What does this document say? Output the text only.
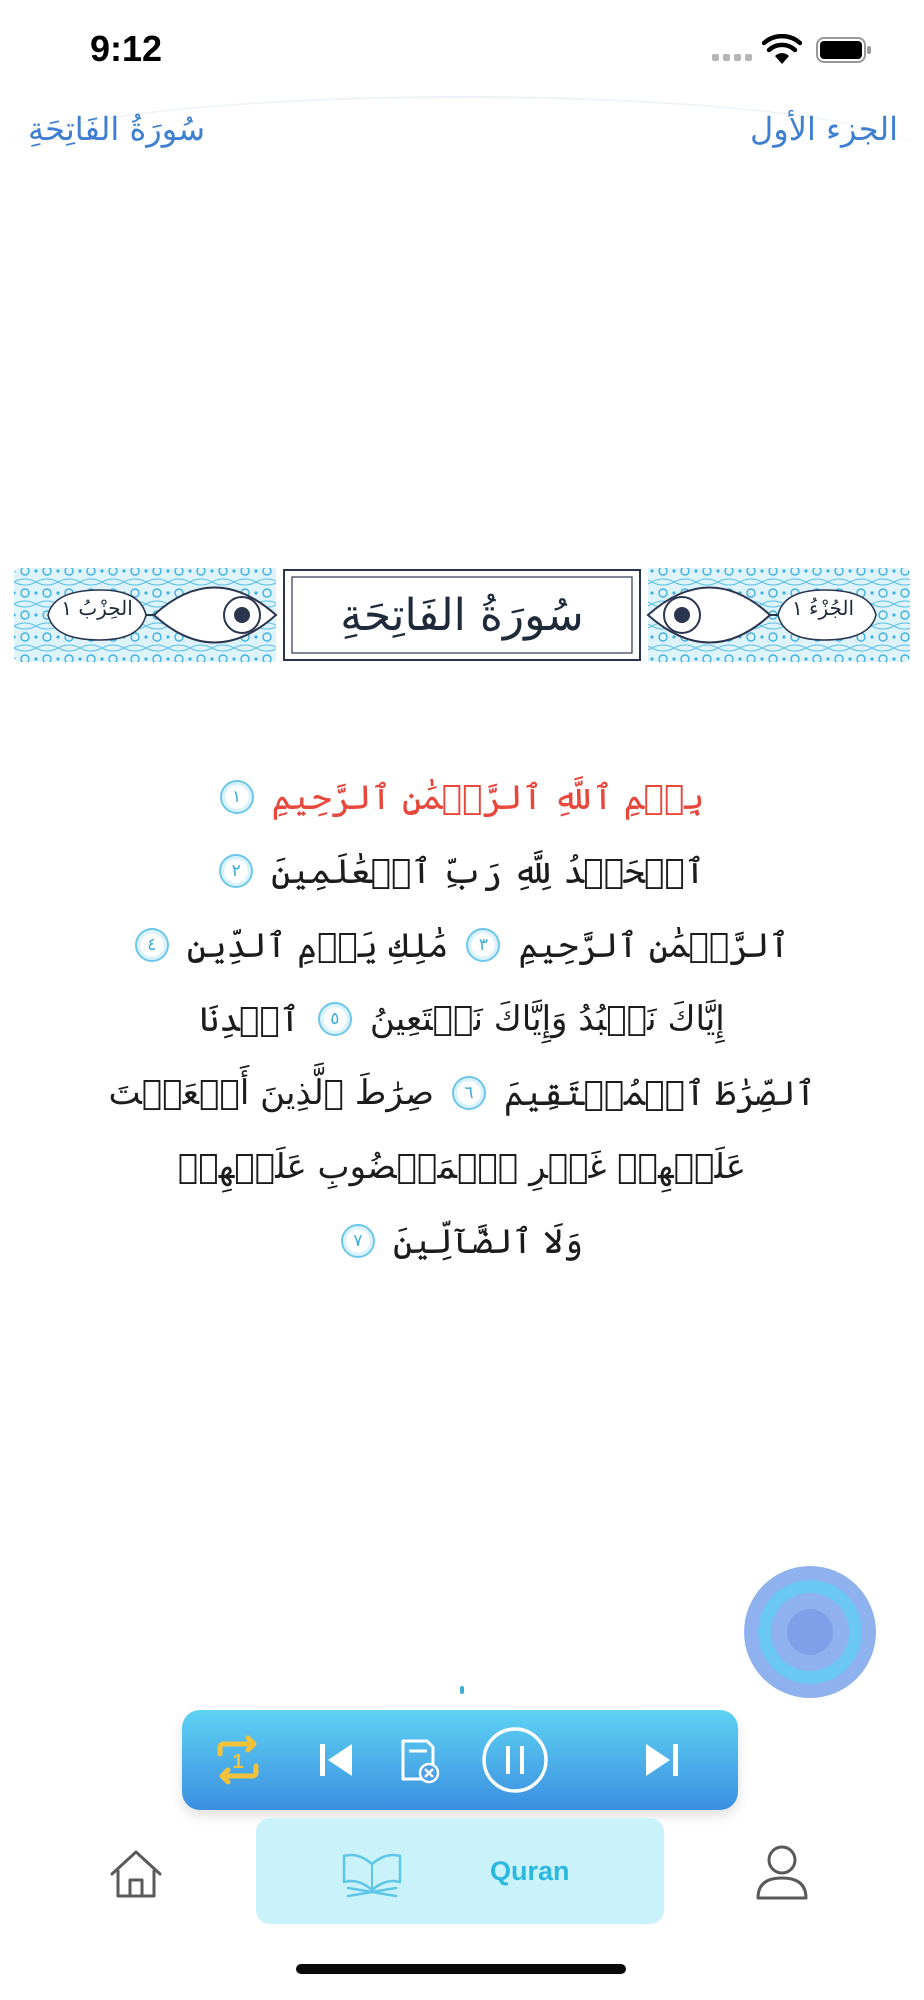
9:12
الجزء الأول
سُورَةُ الفَاتِحَةِ
سُورَةُ الفَاتِحَةِ	الجُزْءُ ١
الحِزْبُ ١
بِسۡمِ ٱللَّهِ ٱلرَّحۡمَٰنِ ٱلرَّحِيمِ
١
ٱلۡحَمۡدُ لِلَّهِ رَبِّ ٱلۡعَٰلَمِينَ
٢
ٱلرَّحۡمَٰنِ ٱلرَّحِيمِ
٣
مَٰلِكِ يَوۡمِ ٱلدِّينِ
٤
إِيَّاكَ نَعۡبُدُ وَإِيَّاكَ نَسۡتَعِينُ
٥
ٱهۡدِنَا
ٱلصِّرَٰطَ ٱلۡمُسۡتَقِيمَ
٦
صِرَٰطَ ٱلَّذِينَ أَنۡعَمۡتَ
عَلَيۡهِمۡ غَيۡرِ ٱلۡمَغۡضُوبِ عَلَيۡهِمۡ
وَلَا ٱلضَّآلِّينَ
٧
1
Quran
